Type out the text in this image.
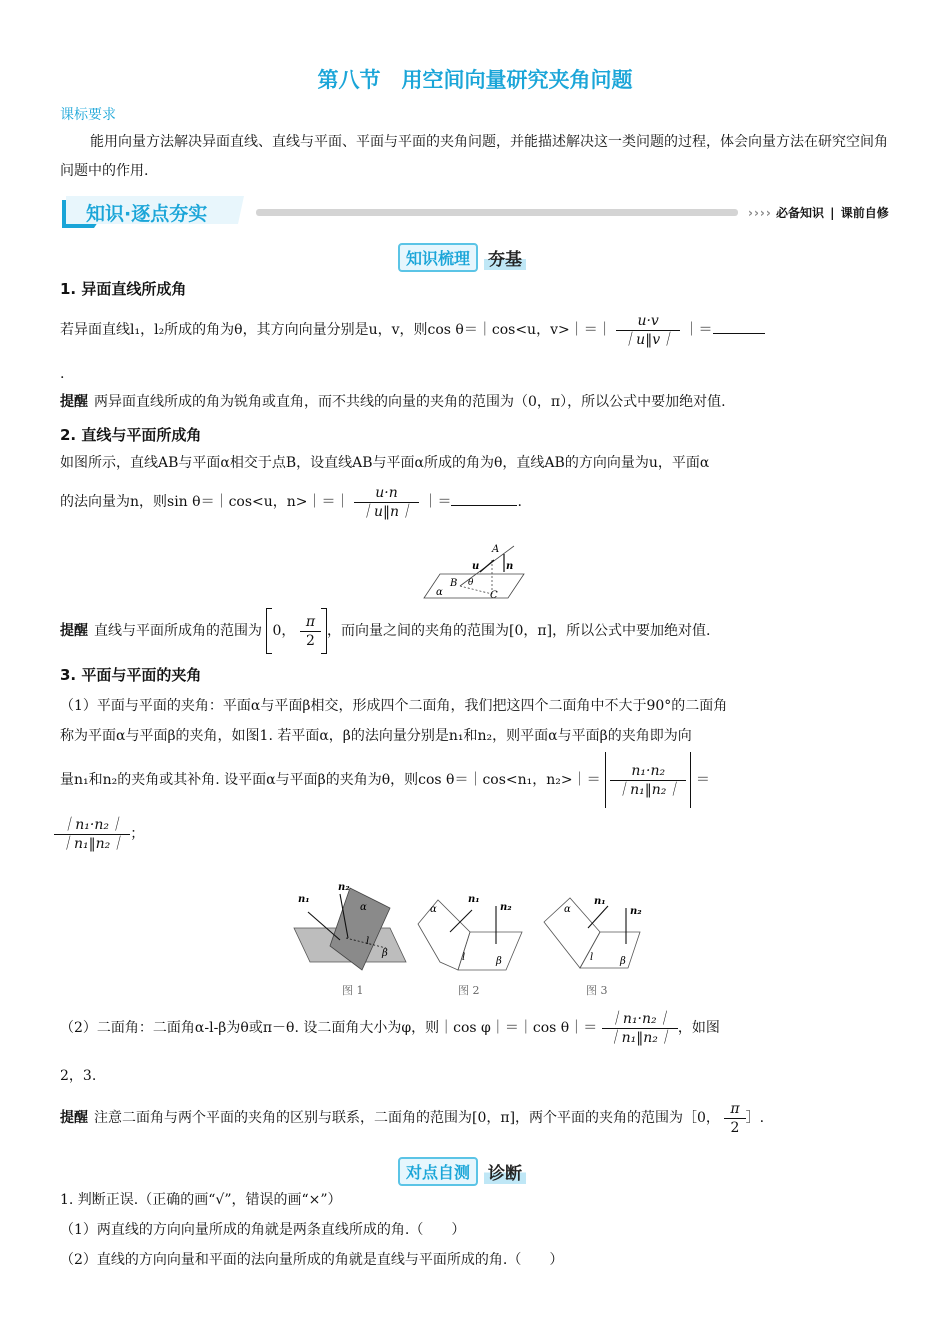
第八节　用空间向量研究夹角问题
课标要求
能用向量方法解决异面直线、直线与平面、平面与平面的夹角问题，并能描述解决这一类问题的过程，体会向量方法在研究空间角问题中的作用.
知识·逐点夯实	›››› 必备知识 | 课前自修
知识梳理	夯基
1. 异面直线所成角
若异面直线l₁，l₂所成的角为θ，其方向向量分别是u，v，则cos θ＝｜cos<u，v>｜＝｜ $\frac{u\cdot v}{|u‖v|}$ ｜＝
.
提醒 两异面直线所成的角为锐角或直角，而不共线的向量的夹角的范围为（0，π），所以公式中要加绝对值.
2. 直线与平面所成角
如图所示，直线AB与平面α相交于点B，设直线AB与平面α所成的角为θ，直线AB的方向向量为u，平面α
的法向量为n，则sin θ＝｜cos<u，n>｜＝｜ $\frac{u\cdot n}{|u‖n|}$ ｜＝	.
A
u	n
B θ
α	C
提醒 直线与平面所成角的范围为 0， $\frac{\pi}{2}$ ，而向量之间的夹角的范围为[0，π]，所以公式中要加绝对值.
3. 平面与平面的夹角
（1）平面与平面的夹角：平面α与平面β相交，形成四个二面角，我们把这四个二面角中不大于90°的二面角
称为平面α与平面β的夹角，如图1. 若平面α，β的法向量分别是n₁和n₂，则平面α与平面β的夹角即为向
量n₁和n₂的夹角或其补角. 设平面α与平面β的夹角为θ，则cos θ＝｜cos<n₁，n₂>｜＝ $\frac{\text{n₁·n₂}}{\text{｜n₁‖n₂｜}}$ ＝
$\frac{\text{｜n₁·n₂｜}}{\text{｜n₁‖n₂｜}}$ ；
n₁
n₂
α
l
β
图 1
n₁
n₂
α
l	β
图 2
n₁
n₂
α
l	β
图 3
（2）二面角：二面角α-l-β为θ或π－θ. 设二面角大小为φ，则｜cos φ｜＝｜cos θ｜＝ $\frac{\text{｜n₁·n₂｜}}{\text{｜n₁‖n₂｜}}$ ，如图
2，3.
提醒 注意二面角与两个平面的夹角的区别与联系，二面角的范围为[0，π]，两个平面的夹角的范围为［0， $\frac{\pi}{2}$ ］.
对点自测	诊断
1. 判断正误.（正确的画“√”，错误的画“×”）
（1）两直线的方向向量所成的角就是两条直线所成的角.（　　）
（2）直线的方向向量和平面的法向量所成的角就是直线与平面所成的角.（　　）
